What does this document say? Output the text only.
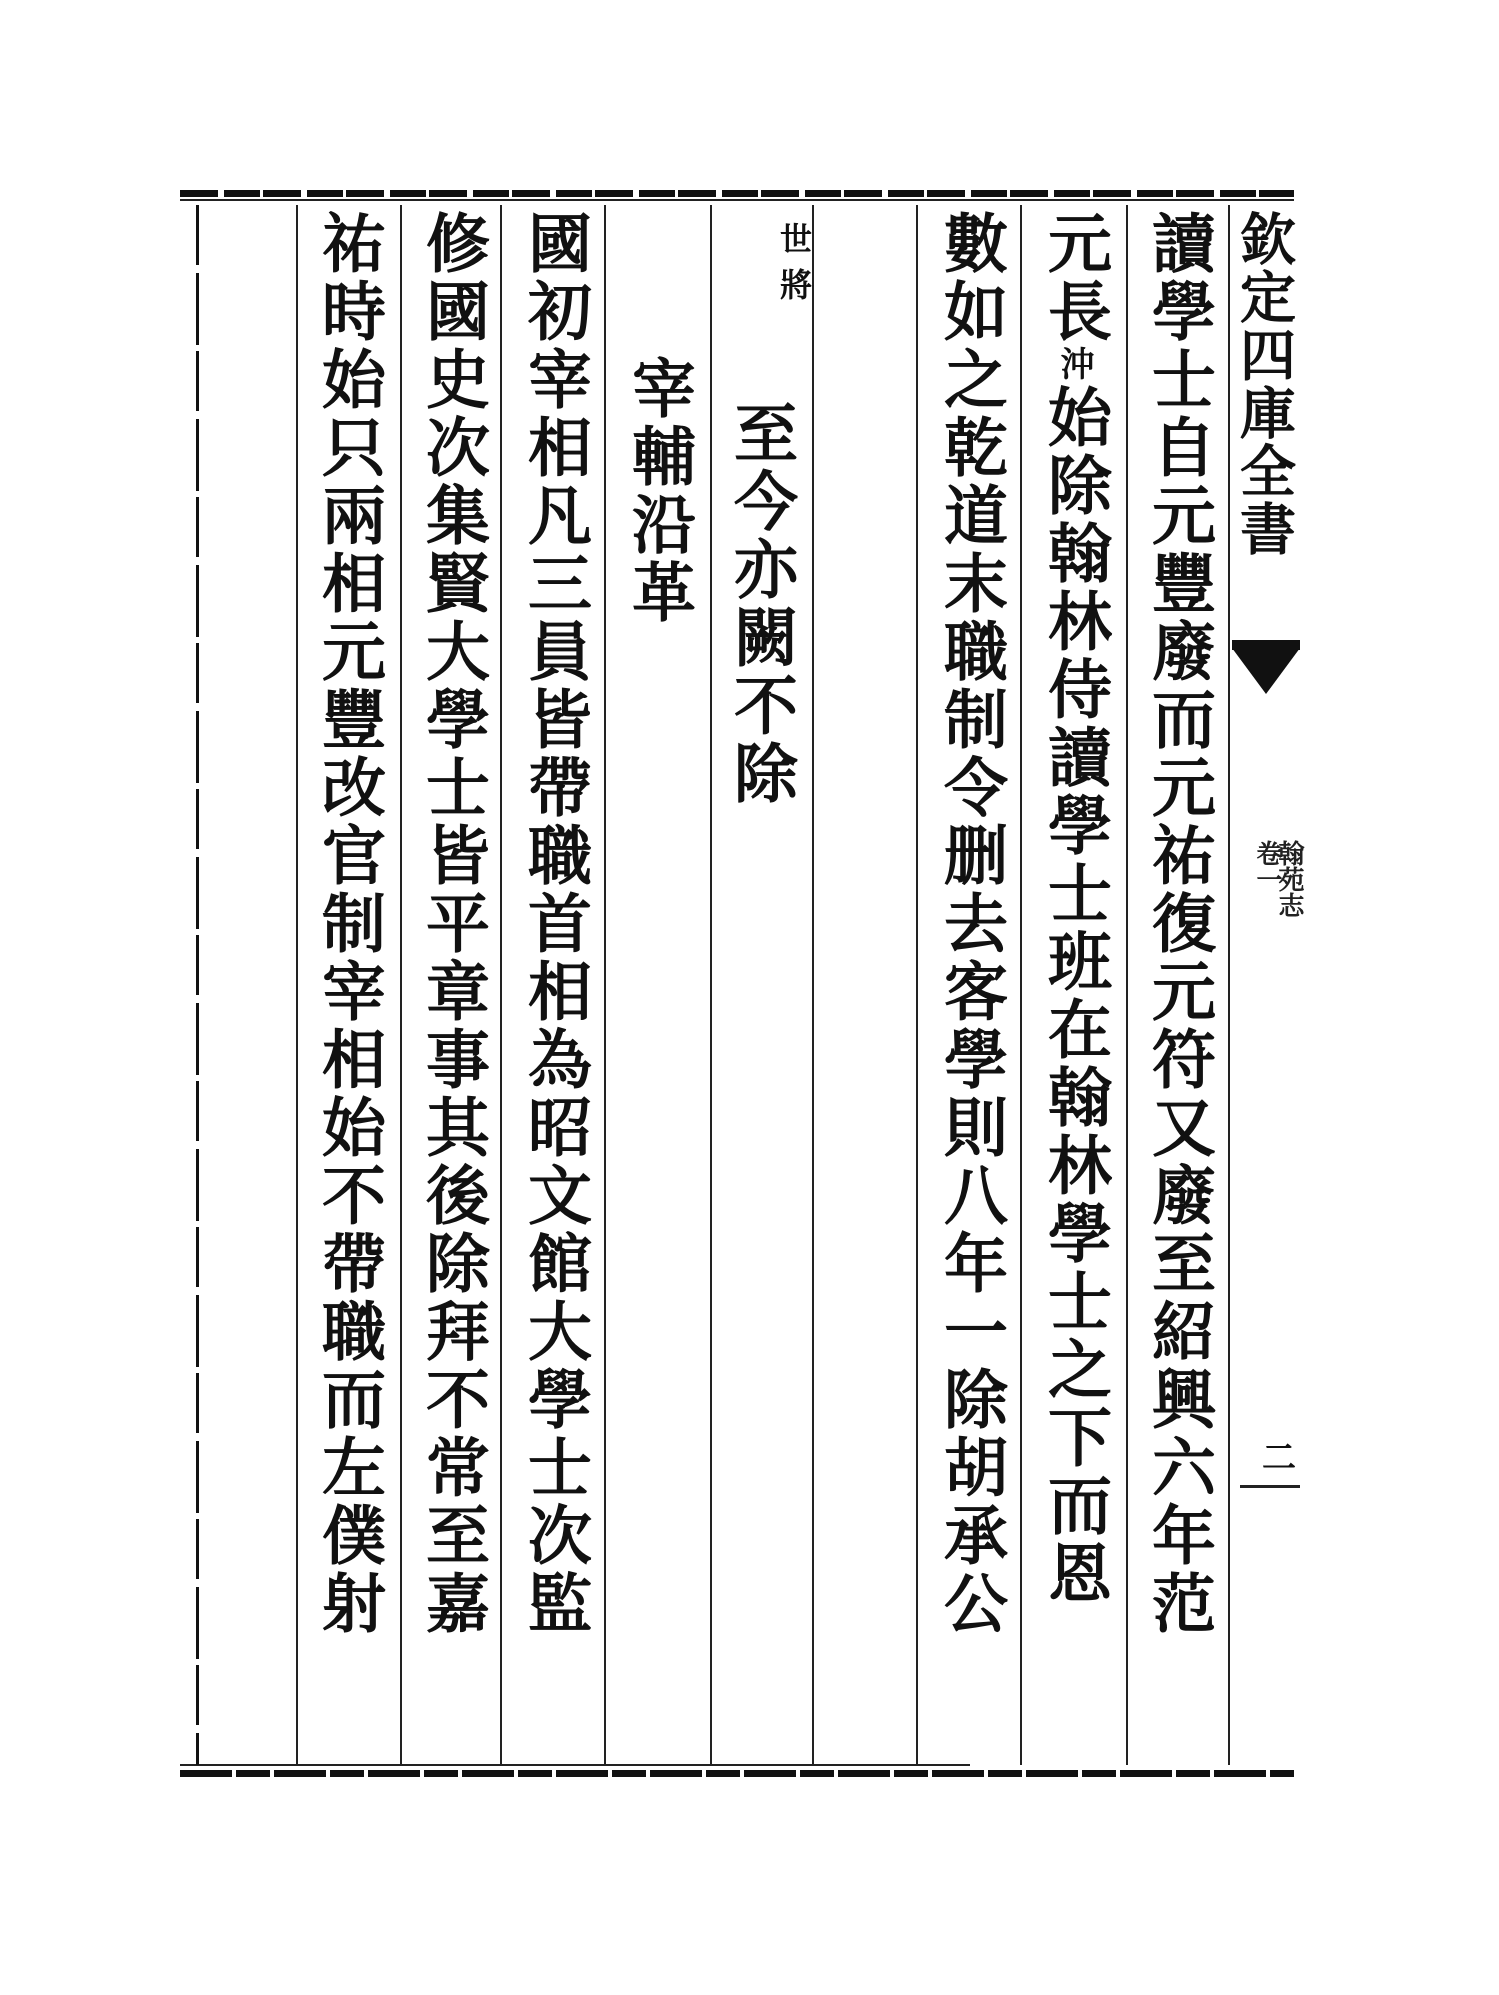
欽定四庫全書
卷一
翰苑志
二
讀學士自元豐廢而元祐復元符又廢至紹興六年范
元長沖始除翰林侍讀學士班在翰林學士之下而恩
數如之乾道末職制令删去客學則八年一除胡承公
世將
至今亦闕不除
宰輔沿革
國初宰相凡三員皆帶職首相為昭文館大學士次監
修國史次集賢大學士皆平章事其後除拜不常至嘉
祐時始只兩相元豐改官制宰相始不帶職而左僕射
